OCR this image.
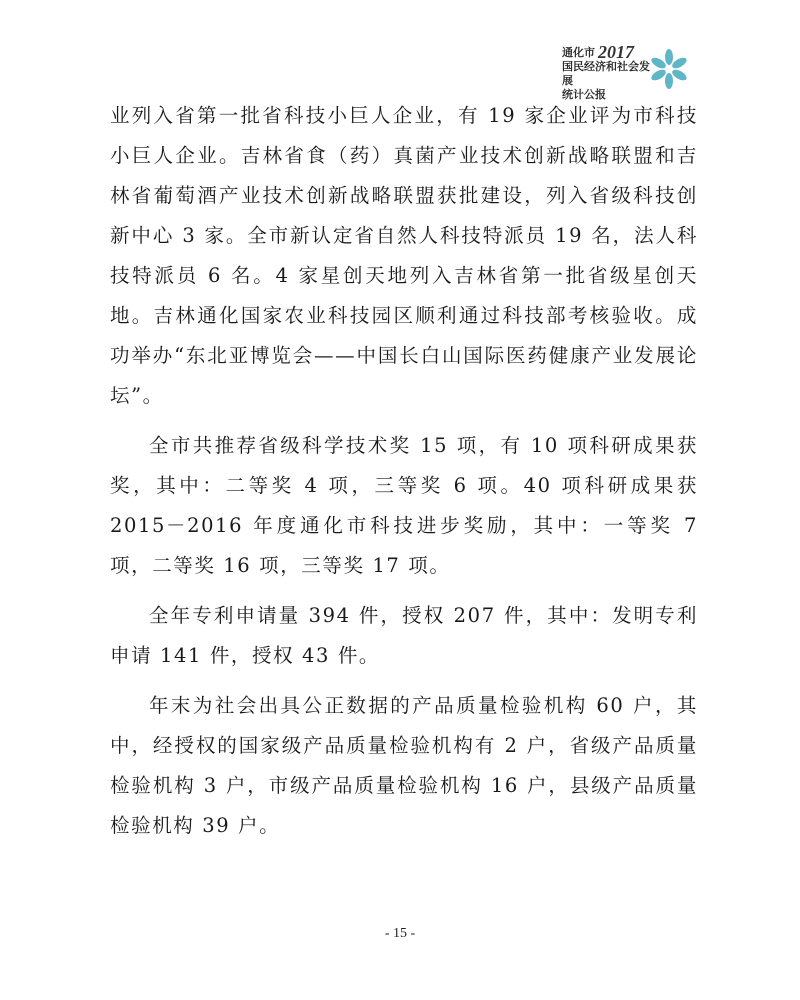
通化市
国民经济和社会发展
统计公报
2017

业列入省第一批省科技小巨人企业，有 19 家企业评为市科技小巨人企业。吉林省食（药）真菌产业技术创新战略联盟和吉林省葡萄酒产业技术创新战略联盟获批建设，列入省级科技创新中心 3 家。全市新认定省自然人科技特派员 19 名，法人科技特派员 6 名。4 家星创天地列入吉林省第一批省级星创天地。吉林通化国家农业科技园区顺利通过科技部考核验收。成功举办“东北亚博览会——中国长白山国际医药健康产业发展论坛”。

全市共推荐省级科学技术奖 15 项，有 10 项科研成果获奖，其中：二等奖 4 项，三等奖 6 项。40 项科研成果获 2015－2016 年度通化市科技进步奖励，其中：一等奖 7 项，二等奖 16 项，三等奖 17 项。

全年专利申请量 394 件，授权 207 件，其中：发明专利申请 141 件，授权 43 件。

年末为社会出具公正数据的产品质量检验机构 60 户，其中，经授权的国家级产品质量检验机构有 2 户，省级产品质量检验机构 3 户，市级产品质量检验机构 16 户，县级产品质量检验机构 39 户。

- 15 -
